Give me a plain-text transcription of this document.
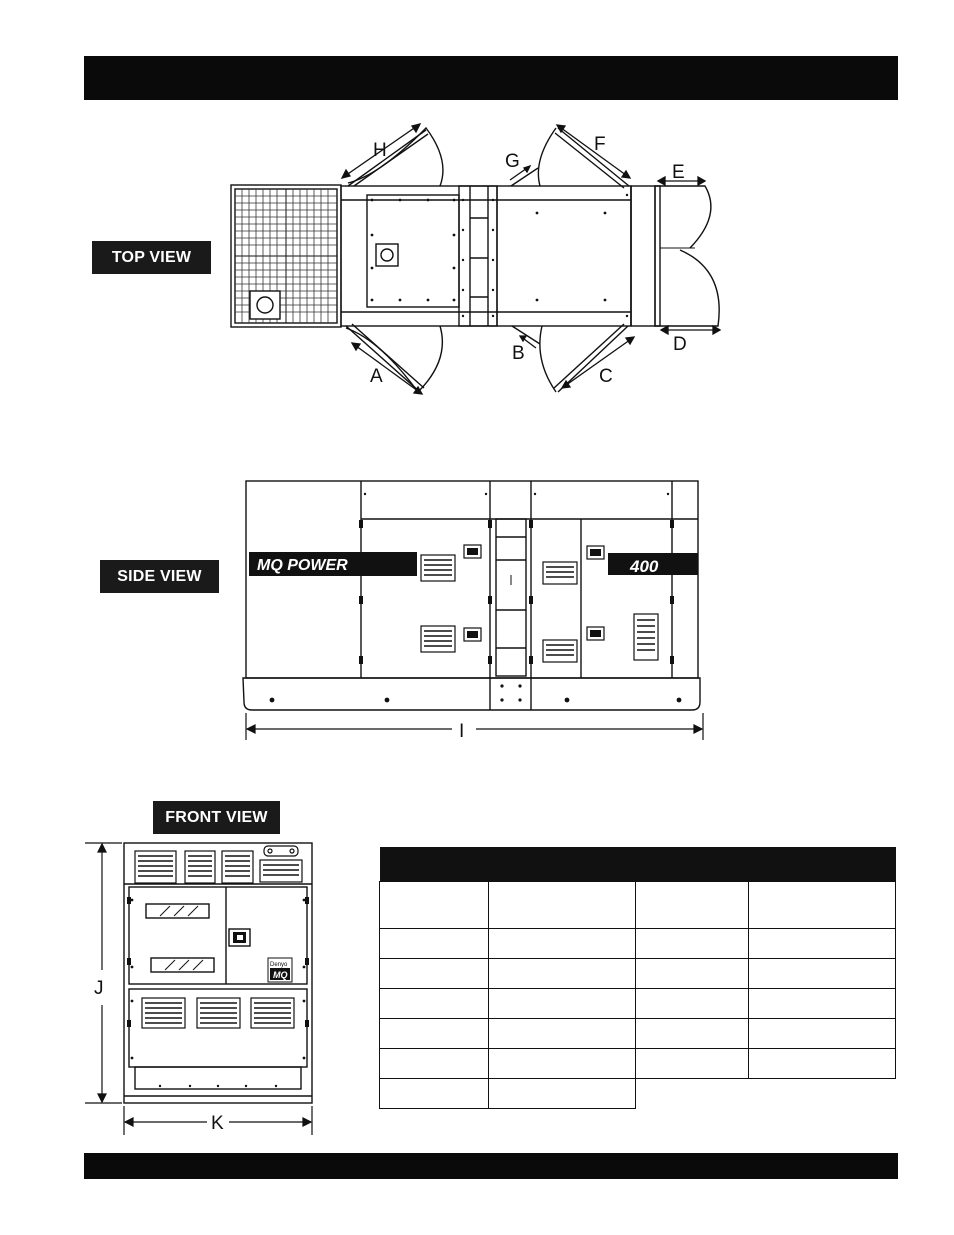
TOP VIEW
SIDE VIEW
FRONT VIEW
H
G
F
E
A
B
C
D
MQ POWER	400
I
Denyo
MQ
J
K
